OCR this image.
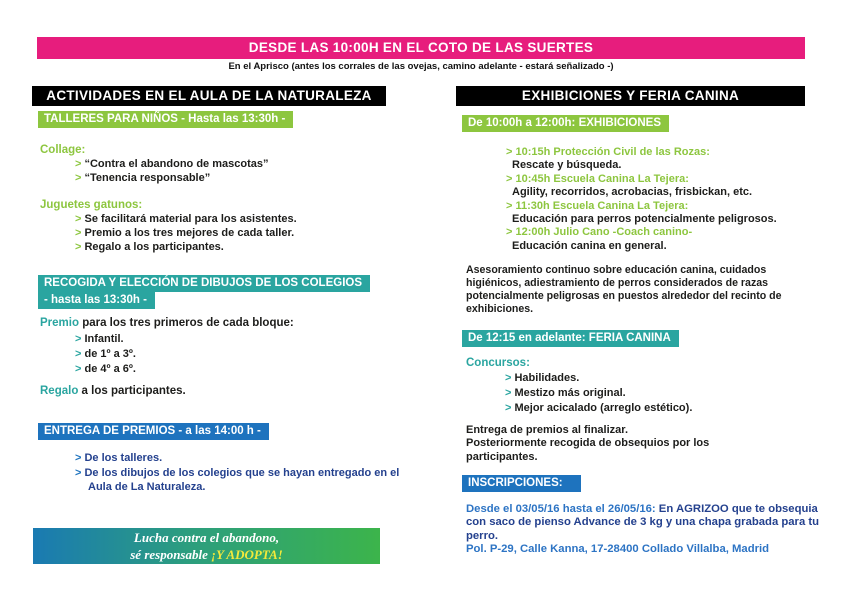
DESDE LAS 10:00H EN EL COTO DE LAS SUERTES
En el Aprisco (antes los corrales de las ovejas, camino adelante - estará señalizado -)
ACTIVIDADES EN EL AULA DE LA NATURALEZA	EXHIBICIONES Y FERIA CANINA
TALLERES PARA NIÑOS - Hasta las 13:30h -
Collage:
> “Contra el abandono de mascotas”
> “Tenencia responsable”
Juguetes gatunos:
> Se facilitará material para los asistentes.
> Premio a los tres mejores de cada taller.
> Regalo a los participantes.
RECOGIDA Y ELECCIÓN DE DIBUJOS DE LOS COLEGIOS
- hasta las 13:30h -
Premio para los tres primeros de cada bloque:
> Infantil.
> de 1º a 3º.
> de 4º a 6º.
Regalo a los participantes.
ENTREGA DE PREMIOS - a las 14:00 h -
> De los talleres.
> De los dibujos de los colegios que se hayan entregado en el Aula de La Naturaleza.
Lucha contra el abandono,
sé responsable ¡Y ADOPTA!
De 10:00h a 12:00h: EXHIBICIONES
> 10:15h Protección Civil de las Rozas:
Rescate y búsqueda.
> 10:45h Escuela Canina La Tejera:
Agility, recorridos, acrobacias, frisbickan, etc.
> 11:30h Escuela Canina La Tejera:
Educación para perros potencialmente peligrosos.
> 12:00h Julio Cano -Coach canino-
Educación canina en general.
Asesoramiento continuo sobre educación canina, cuidados higiénicos, adiestramiento de perros considerados de razas potencialmente peligrosas en puestos alrededor del recinto de exhibiciones.
De 12:15 en adelante: FERIA CANINA
Concursos:
> Habilidades.
> Mestizo más original.
> Mejor acicalado (arreglo estético).
Entrega de premios al finalizar.
Posteriormente recogida de obsequios por los participantes.
INSCRIPCIONES:
Desde el 03/05/16 hasta el 26/05/16: En AGRIZOO que te obsequia con saco de pienso Advance de 3 kg y una chapa grabada para tu perro.
Pol. P-29, Calle Kanna, 17-28400 Collado Villalba, Madrid
